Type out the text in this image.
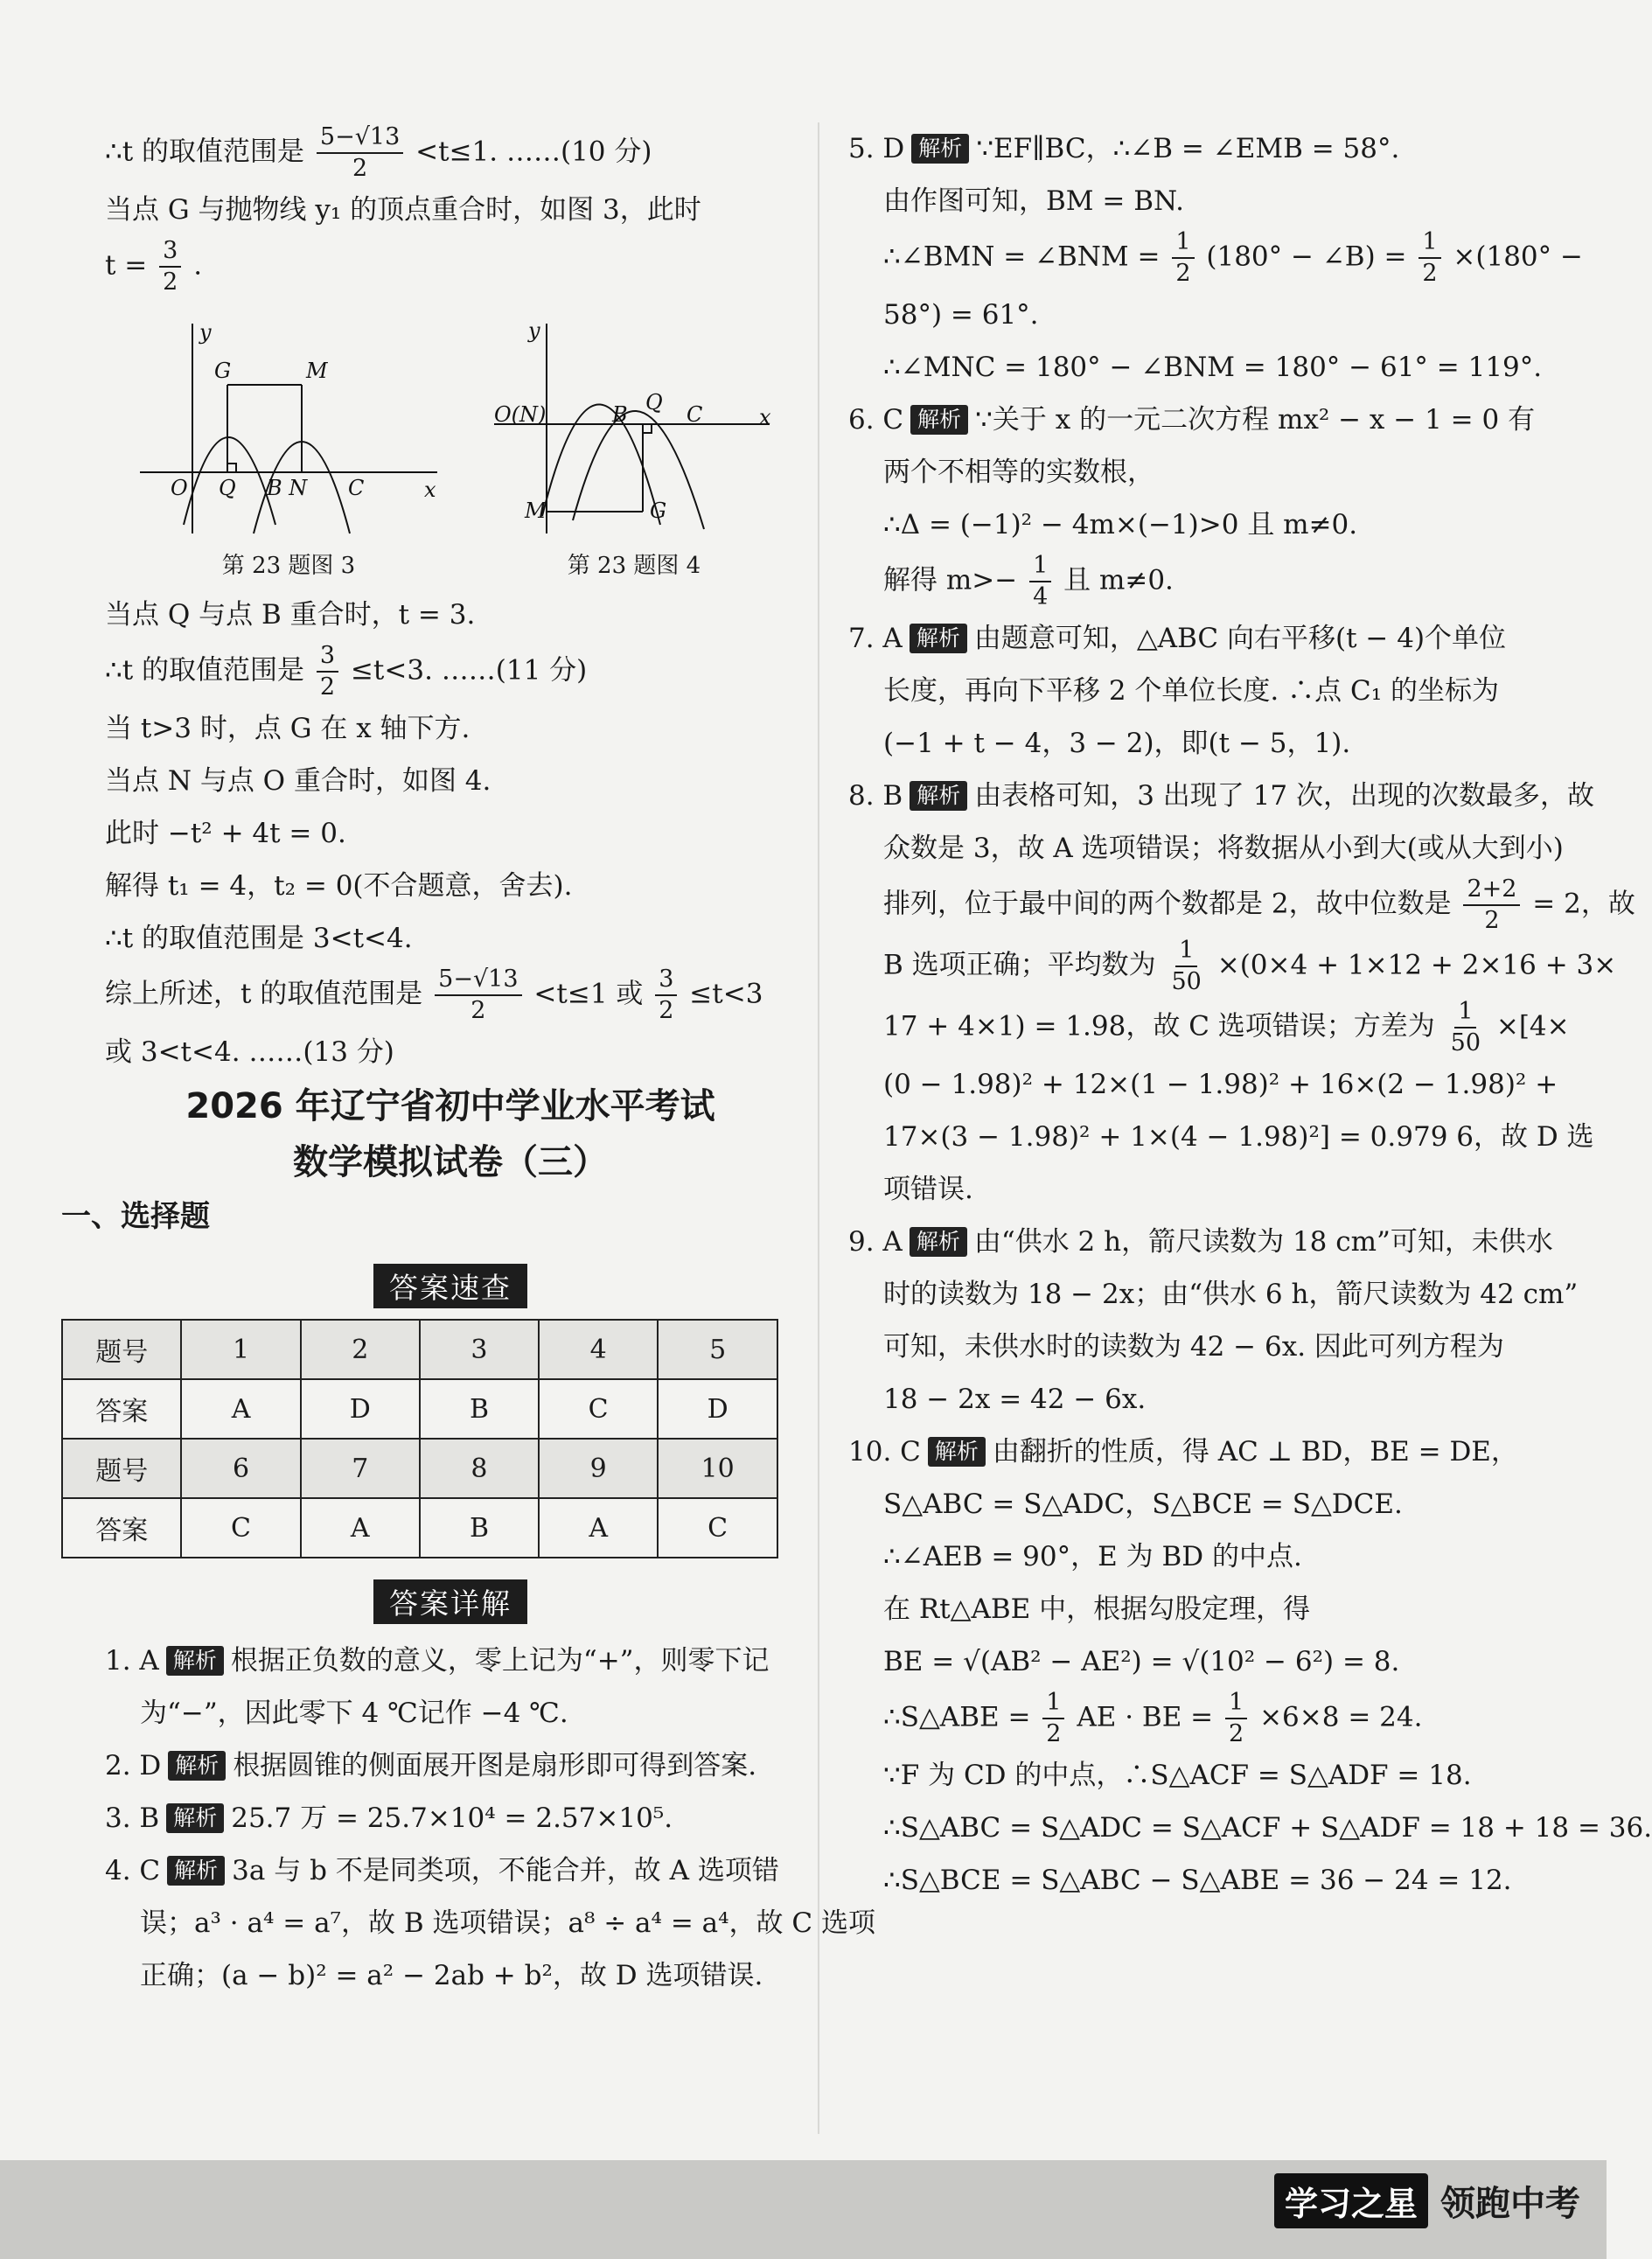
∴t 的取值范围是 $\frac{5-√13}{2} <t\le 1$. ……(10 分)
当点 G 与抛物线 y₁ 的顶点重合时，如图 3，此时
$t = \frac{3}{2}$ .
y
x
G	M
O Q B N C
第 23 题图 3
y
x
O(N)	B Q C
M	G
第 23 题图 4
当点 Q 与点 B 重合时，t = 3.
∴t 的取值范围是 $\frac{3}{2} \le t<3$. ……(11 分)
当 t>3 时，点 G 在 x 轴下方.
当点 N 与点 O 重合时，如图 4.
此时 −t² + 4t = 0.
解得 t₁ = 4，t₂ = 0(不合题意，舍去).
∴t 的取值范围是 3<t<4.
综上所述，t 的取值范围是 $\frac{5-√13}{2} <t\le 1$ 或 $\frac{3}{2} \le t<3$
或 3<t<4. ……(13 分)
2026 年辽宁省初中学业水平考试
数学模拟试卷（三）
一、选择题
答案速查
题号	1	2	3	4	5
答案	A	D	B	C	D
题号	6	7	8	9	10
答案	C	A	B	A	C
答案详解
1. A 解析 根据正负数的意义，零上记为“+”，则零下记
为“−”，因此零下 4 ℃记作 −4 ℃.
2. D 解析 根据圆锥的侧面展开图是扇形即可得到答案.
3. B 解析 25.7 万 = 25.7×10⁴ = 2.57×10⁵.
4. C 解析 3a 与 b 不是同类项，不能合并，故 A 选项错
误；a³ · a⁴ = a⁷，故 B 选项错误；a⁸ ÷ a⁴ = a⁴，故 C 选项
正确；(a − b)² = a² − 2ab + b²，故 D 选项错误.
5. D 解析 ∵EF∥BC，∴∠B = ∠EMB = 58°.
由作图可知，BM = BN.
∴∠BMN = ∠BNM = $\frac{1}{2} (180^\circ$ − ∠B) = $\frac{1}{2} \times(180^\circ$ −
58°) = 61°.
∴∠MNC = 180° − ∠BNM = 180° − 61° = 119°.
6. C 解析 ∵关于 x 的一元二次方程 mx² − x − 1 = 0 有
两个不相等的实数根，
∴Δ = (−1)² − 4m×(−1)>0 且 m≠0.
解得 $m>- \frac{1}{4}$ 且 m≠0.
7. A 解析 由题意可知，△ABC 向右平移(t − 4)个单位
长度，再向下平移 2 个单位长度. ∴点 C₁ 的坐标为
(−1 + t − 4，3 − 2)，即(t − 5，1).
8. B 解析 由表格可知，3 出现了 17 次，出现的次数最多，故
众数是 3，故 A 选项错误；将数据从小到大(或从大到小)
排列，位于最中间的两个数都是 2，故中位数是 $\frac{2+2}{2} = 2$，故
B 选项正确；平均数为 $\frac{1}{50} \times(0\times 4 + 1\times 12 + 2\times 16 + 3\times$
17 + 4×1) = 1.98，故 C 选项错误；方差为 $\frac{1}{50} \times[4\times$
(0 − 1.98)² + 12×(1 − 1.98)² + 16×(2 − 1.98)² +
17×(3 − 1.98)² + 1×(4 − 1.98)²] = 0.979 6，故 D 选
项错误.
9. A 解析 由“供水 2 h，箭尺读数为 18 cm”可知，未供水
时的读数为 18 − 2x；由“供水 6 h，箭尺读数为 42 cm”
可知，未供水时的读数为 42 − 6x. 因此可列方程为
18 − 2x = 42 − 6x.
10. C 解析 由翻折的性质，得 AC ⊥ BD，BE = DE，
S△ABC = S△ADC，S△BCE = S△DCE.
∴∠AEB = 90°，E 为 BD 的中点.
在 Rt△ABE 中，根据勾股定理，得
BE = √(AB² − AE²) = √(10² − 6²) = 8.
∴S△ABE = $\frac{1}{2}$ AE · BE = $\frac{1}{2} \times 6\times 8 = 24$.
∵F 为 CD 的中点，∴S△ACF = S△ADF = 18.
∴S△ABC = S△ADC = S△ACF + S△ADF = 18 + 18 = 36.
∴S△BCE = S△ABC − S△ABE = 36 − 24 = 12.
学习之星 领跑中考
